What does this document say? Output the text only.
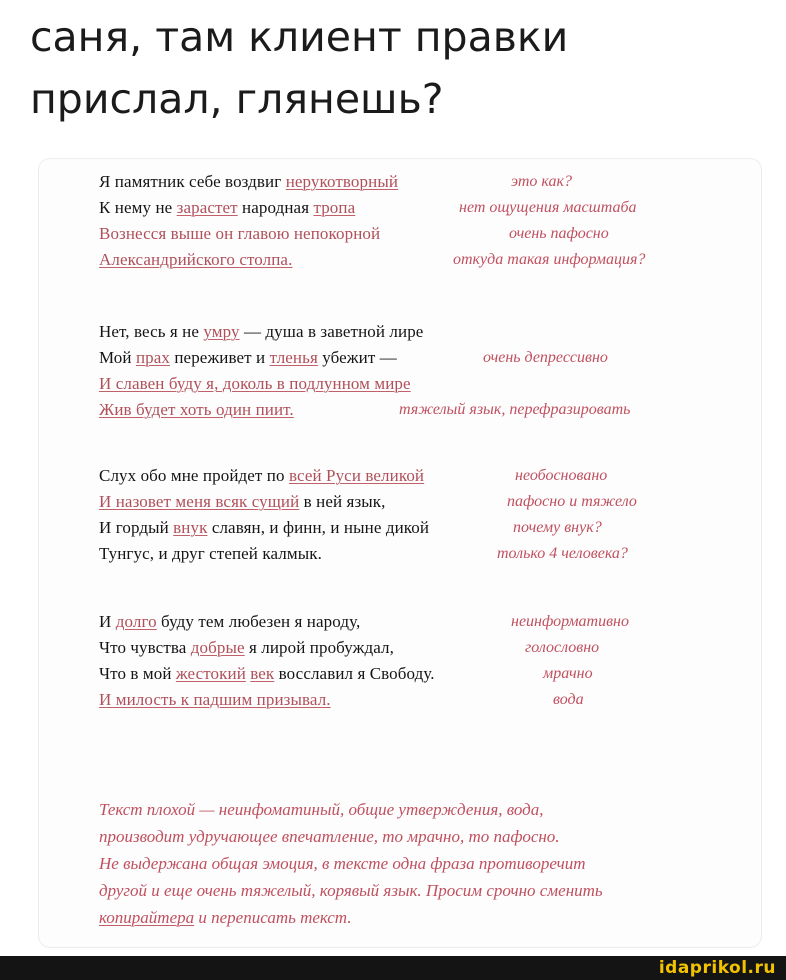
саня, там клиент правки
прислал, глянешь?
Я памятник себе воздвиг нерукотворный
К нему не зарастет народная тропа
Вознесся выше он главою непокорной
Александрийского столпа.
это как?
нет ощущения масштаба
очень пафосно
откуда такая информация?
Нет, весь я не умру — душа в заветной лире
Мой прах переживет и тленья убежит —
И славен буду я, доколь в подлунном мире
Жив будет хоть один пиит.
очень депрессивно
тяжелый язык, перефразировать
Слух обо мне пройдет по всей Руси великой
И назовет меня всяк сущий в ней язык,
И гордый внук славян, и финн, и ныне дикой
Тунгус, и друг степей калмык.
необосновано
пафосно и тяжело
почему внук?
только 4 человека?
И долго буду тем любезен я народу,
Что чувства добрые я лирой пробуждал,
Что в мой жестокий век восславил я Свободу.
И милость к падшим призывал.
неинформативно
голословно
мрачно
вода
Текст плохой — неинфоматиный, общие утверждения, вода,
производит удручающее впечатление, то мрачно, то пафосно.
Не выдержана общая эмоция, в тексте одна фраза противоречит
другой и еще очень тяжелый, корявый язык. Просим срочно сменить
копирайтера и переписать текст.
idaprikol.ru
